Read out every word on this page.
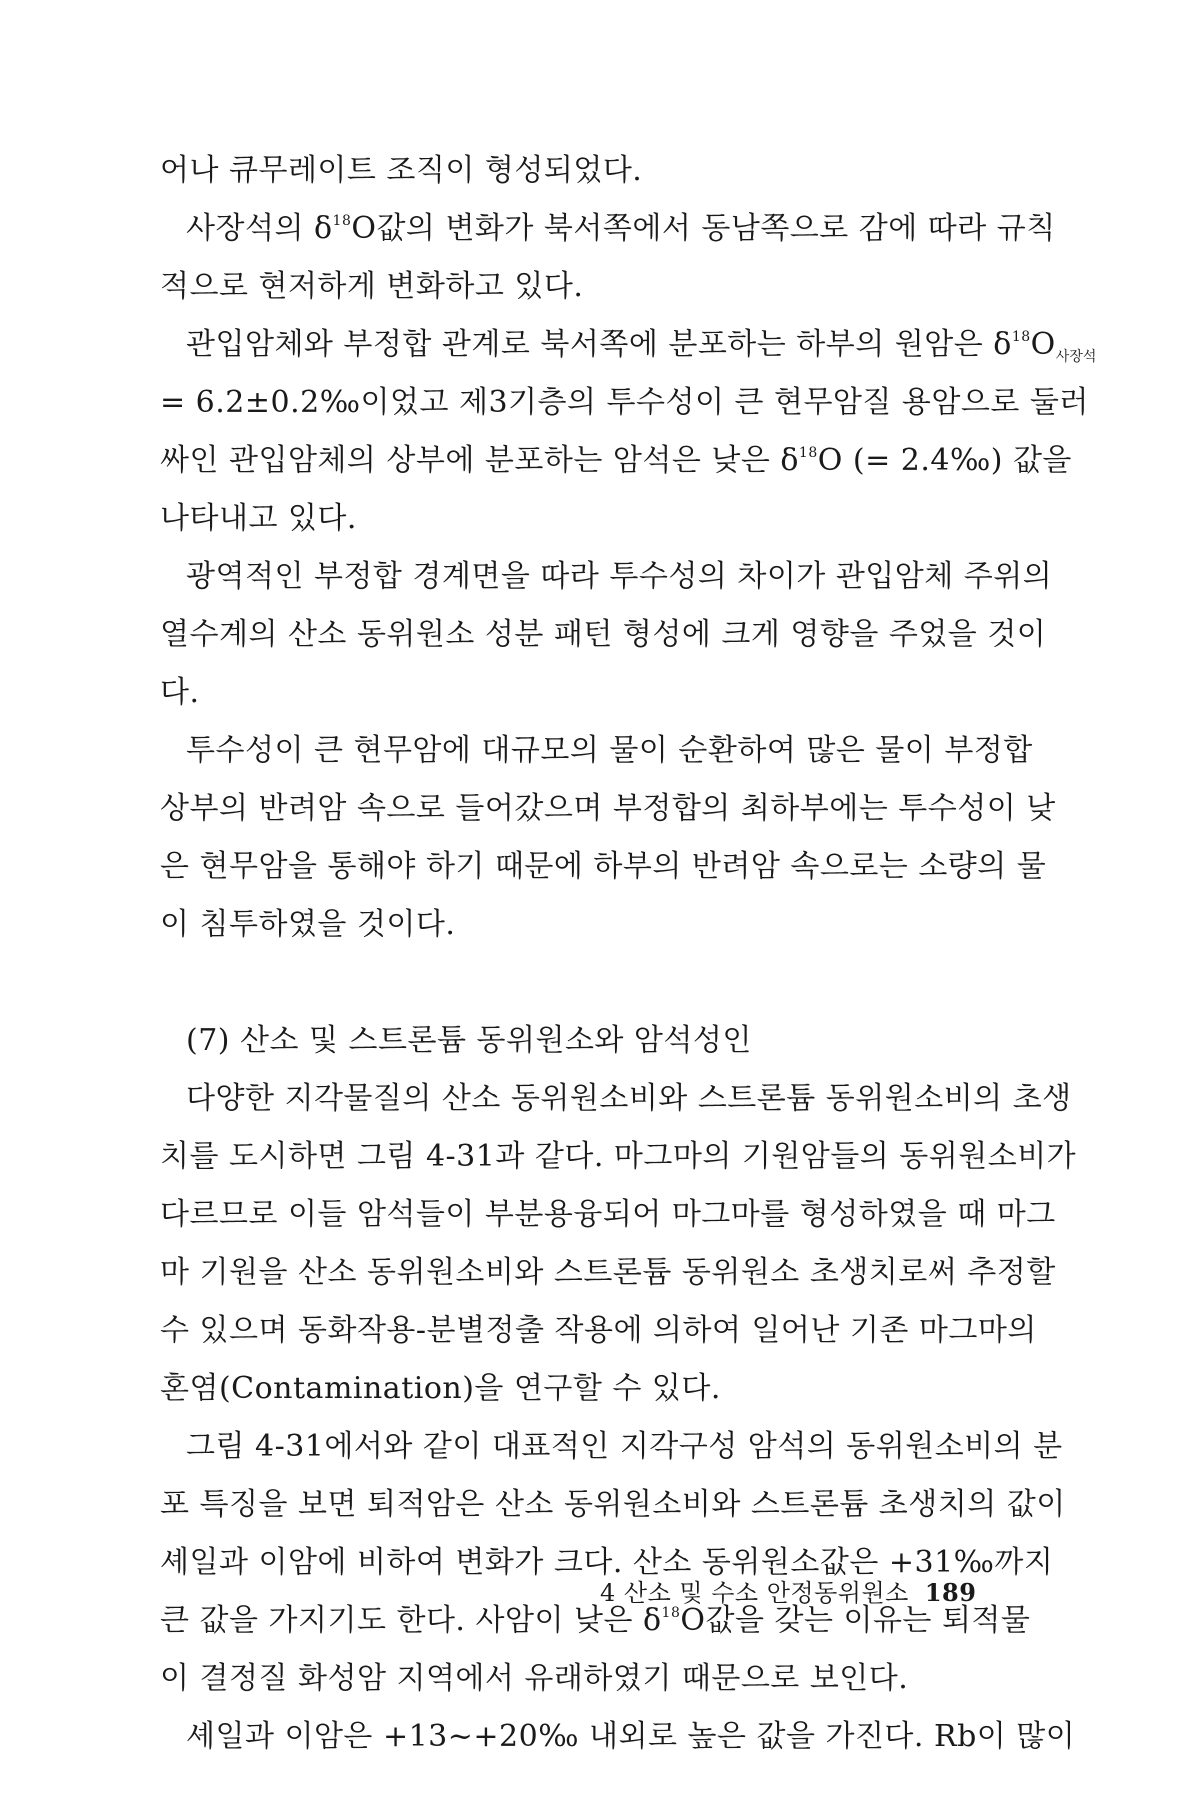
어나 큐무레이트 조직이 형성되었다.
사장석의 $\delta^{18}O$값의 변화가 북서쪽에서 동남쪽으로 감에 따라 규칙
적으로 현저하게 변화하고 있다.
관입암체와 부정합 관계로 북서쪽에 분포하는 하부의 원암은 $\delta^{18}O_{사장석}$
= 6.2±0.2‰이었고 제3기층의 투수성이 큰 현무암질 용암으로 둘러
싸인 관입암체의 상부에 분포하는 암석은 낮은 $\delta^{18}O$ (= 2.4‰) 값을
나타내고 있다.
광역적인 부정합 경계면을 따라 투수성의 차이가 관입암체 주위의
열수계의 산소 동위원소 성분 패턴 형성에 크게 영향을 주었을 것이
다.
투수성이 큰 현무암에 대규모의 물이 순환하여 많은 물이 부정합
상부의 반려암 속으로 들어갔으며 부정합의 최하부에는 투수성이 낮
은 현무암을 통해야 하기 때문에 하부의 반려암 속으로는 소량의 물
이 침투하였을 것이다.
(7) 산소 및 스트론튬 동위원소와 암석성인
다양한 지각물질의 산소 동위원소비와 스트론튬 동위원소비의 초생
치를 도시하면 그림 4-31과 같다. 마그마의 기원암들의 동위원소비가
다르므로 이들 암석들이 부분용융되어 마그마를 형성하였을 때 마그
마 기원을 산소 동위원소비와 스트론튬 동위원소 초생치로써 추정할
수 있으며 동화작용-분별정출 작용에 의하여 일어난 기존 마그마의
혼염(Contamination)을 연구할 수 있다.
그림 4-31에서와 같이 대표적인 지각구성 암석의 동위원소비의 분
포 특징을 보면 퇴적암은 산소 동위원소비와 스트론튬 초생치의 값이
셰일과 이암에 비하여 변화가 크다. 산소 동위원소값은 +31‰까지
큰 값을 가지기도 한다. 사암이 낮은 $\delta^{18}O$값을 갖는 이유는 퇴적물
이 결정질 화성암 지역에서 유래하였기 때문으로 보인다.
셰일과 이암은 +13~+20‰ 내외로 높은 값을 가진다. Rb이 많이
4 산소 및 수소 안정동위원소 189
